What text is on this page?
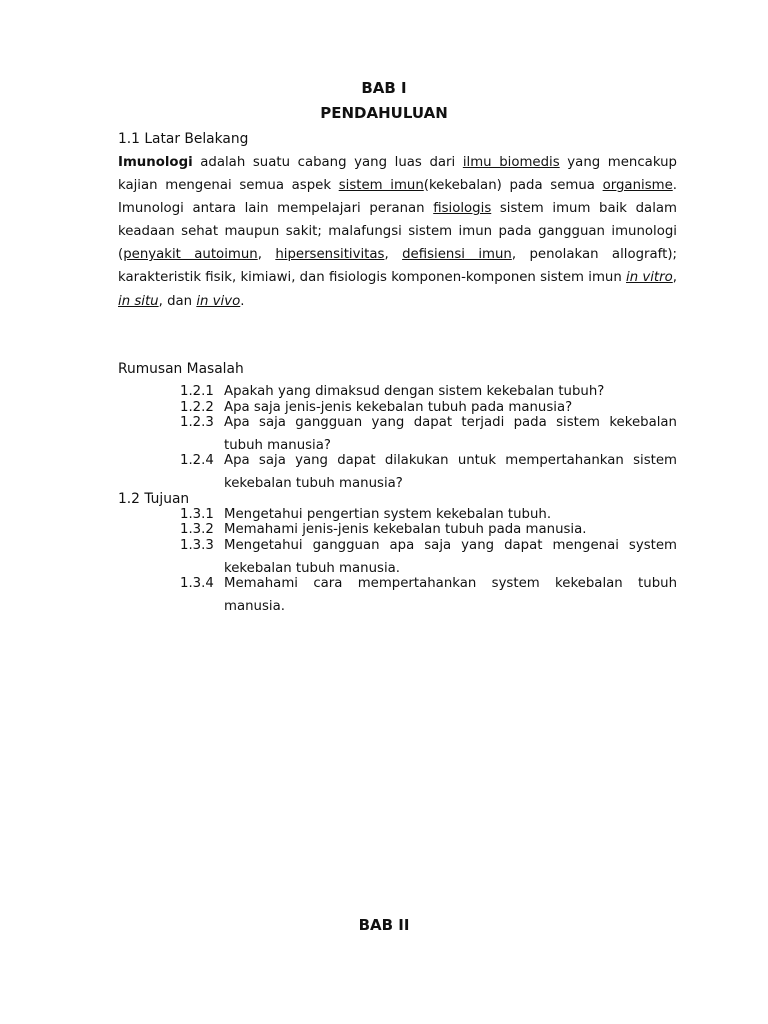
BAB I

PENDAHULUAN

1.1 Latar Belakang

Imunologi adalah suatu cabang yang luas dari ilmu biomedis yang mencakup kajian mengenai semua aspek sistem imun(kekebalan) pada semua organisme. Imunologi antara lain mempelajari peranan fisiologis sistem imum baik dalam keadaan sehat maupun sakit; malafungsi sistem imun pada gangguan imunologi (penyakit autoimun, hipersensitivitas, defisiensi imun, penolakan allograft); karakteristik fisik, kimiawi, dan fisiologis komponen-komponen sistem imun in vitro, in situ, dan in vivo.

Rumusan Masalah

1.2.1 Apakah yang dimaksud dengan sistem kekebalan tubuh?

1.2.2 Apa saja jenis-jenis kekebalan tubuh pada manusia?

1.2.3 Apa saja gangguan yang dapat terjadi pada sistem kekebalan tubuh manusia?

1.2.4 Apa saja yang dapat dilakukan untuk mempertahankan sistem kekebalan tubuh manusia?

1.2 Tujuan

1.3.1 Mengetahui pengertian system kekebalan tubuh.

1.3.2 Memahami jenis-jenis kekebalan tubuh pada manusia.

1.3.3 Mengetahui gangguan apa saja yang dapat mengenai system kekebalan tubuh manusia.

1.3.4 Memahami cara mempertahankan system kekebalan tubuh manusia.

BAB II
